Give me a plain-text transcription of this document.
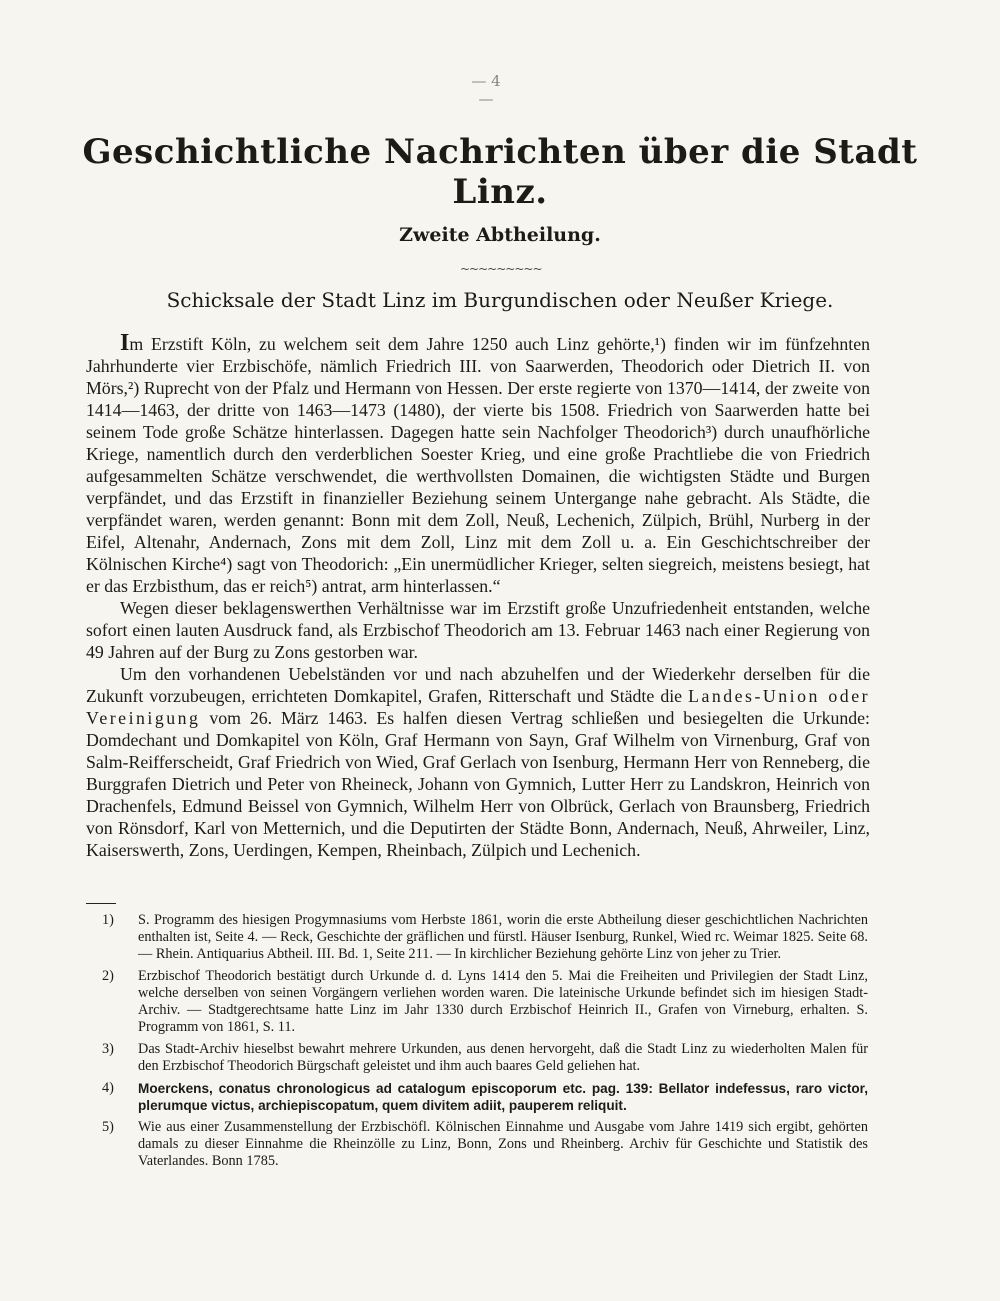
— 4 —
Geschichtliche Nachrichten über die Stadt Linz.
Zweite Abtheilung.
~~~~~~~~~
Schicksale der Stadt Linz im Burgundischen oder Neußer Kriege.

Im Erzstift Köln, zu welchem seit dem Jahre 1250 auch Linz gehörte,¹) finden wir im fünfzehnten Jahrhunderte vier Erzbischöfe, nämlich Friedrich III. von Saarwerden, Theodorich oder Dietrich II. von Mörs,²) Ruprecht von der Pfalz und Hermann von Hessen. Der erste regierte von 1370—1414, der zweite von 1414—1463, der dritte von 1463—1473 (1480), der vierte bis 1508. Friedrich von Saarwerden hatte bei seinem Tode große Schätze hinterlassen. Dagegen hatte sein Nachfolger Theodorich³) durch unaufhörliche Kriege, namentlich durch den verderblichen Soester Krieg, und eine große Prachtliebe die von Friedrich aufgesammelten Schätze verschwendet, die werthvollsten Domainen, die wichtigsten Städte und Burgen verpfändet, und das Erzstift in finanzieller Beziehung seinem Untergange nahe gebracht. Als Städte, die verpfändet waren, werden genannt: Bonn mit dem Zoll, Neuß, Lechenich, Zülpich, Brühl, Nurberg in der Eifel, Altenahr, Andernach, Zons mit dem Zoll, Linz mit dem Zoll u. a. Ein Geschichtschreiber der Kölnischen Kirche⁴) sagt von Theodorich: „Ein unermüdlicher Krieger, selten siegreich, meistens besiegt, hat er das Erzbisthum, das er reich⁵) antrat, arm hinterlassen.“

Wegen dieser beklagenswerthen Verhältnisse war im Erzstift große Unzufriedenheit entstanden, welche sofort einen lauten Ausdruck fand, als Erzbischof Theodorich am 13. Februar 1463 nach einer Regierung von 49 Jahren auf der Burg zu Zons gestorben war.

Um den vorhandenen Uebelständen vor und nach abzuhelfen und der Wiederkehr derselben für die Zukunft vorzubeugen, errichteten Domkapitel, Grafen, Ritterschaft und Städte die Landes-Union oder Vereinigung vom 26. März 1463. Es halfen diesen Vertrag schließen und besiegelten die Urkunde: Domdechant und Domkapitel von Köln, Graf Hermann von Sayn, Graf Wilhelm von Virnenburg, Graf von Salm-Reifferscheidt, Graf Friedrich von Wied, Graf Gerlach von Isenburg, Hermann Herr von Renneberg, die Burggrafen Dietrich und Peter von Rheineck, Johann von Gymnich, Lutter Herr zu Landskron, Heinrich von Drachenfels, Edmund Beissel von Gymnich, Wilhelm Herr von Olbrück, Gerlach von Braunsberg, Friedrich von Rönsdorf, Karl von Metternich, und die Deputirten der Städte Bonn, Andernach, Neuß, Ahrweiler, Linz, Kaiserswerth, Zons, Uerdingen, Kempen, Rheinbach, Zülpich und Lechenich.

1)	S. Programm des hiesigen Progymnasiums vom Herbste 1861, worin die erste Abtheilung dieser geschichtlichen Nachrichten enthalten ist, Seite 4. — Reck, Geschichte der gräflichen und fürstl. Häuser Isenburg, Runkel, Wied rc. Weimar 1825. Seite 68. — Rhein. Antiquarius Abtheil. III. Bd. 1, Seite 211. — In kirchlicher Beziehung gehörte Linz von jeher zu Trier.
2)	Erzbischof Theodorich bestätigt durch Urkunde d. d. Lyns 1414 den 5. Mai die Freiheiten und Privilegien der Stadt Linz, welche derselben von seinen Vorgängern verliehen worden waren. Die lateinische Urkunde befindet sich im hiesigen Stadt-Archiv. — Stadtgerechtsame hatte Linz im Jahr 1330 durch Erzbischof Heinrich II., Grafen von Virneburg, erhalten. S. Programm von 1861, S. 11.
3)	Das Stadt-Archiv hieselbst bewahrt mehrere Urkunden, aus denen hervorgeht, daß die Stadt Linz zu wiederholten Malen für den Erzbischof Theodorich Bürgschaft geleistet und ihm auch baares Geld geliehen hat.
4)	Moerckens, conatus chronologicus ad catalogum episcoporum etc. pag. 139: Bellator indefessus, raro victor, plerumque victus, archiepiscopatum, quem divitem adiit, pauperem reliquit.
5)	Wie aus einer Zusammenstellung der Erzbischöfl. Kölnischen Einnahme und Ausgabe vom Jahre 1419 sich ergibt, gehörten damals zu dieser Einnahme die Rheinzölle zu Linz, Bonn, Zons und Rheinberg. Archiv für Geschichte und Statistik des Vaterlandes. Bonn 1785.
